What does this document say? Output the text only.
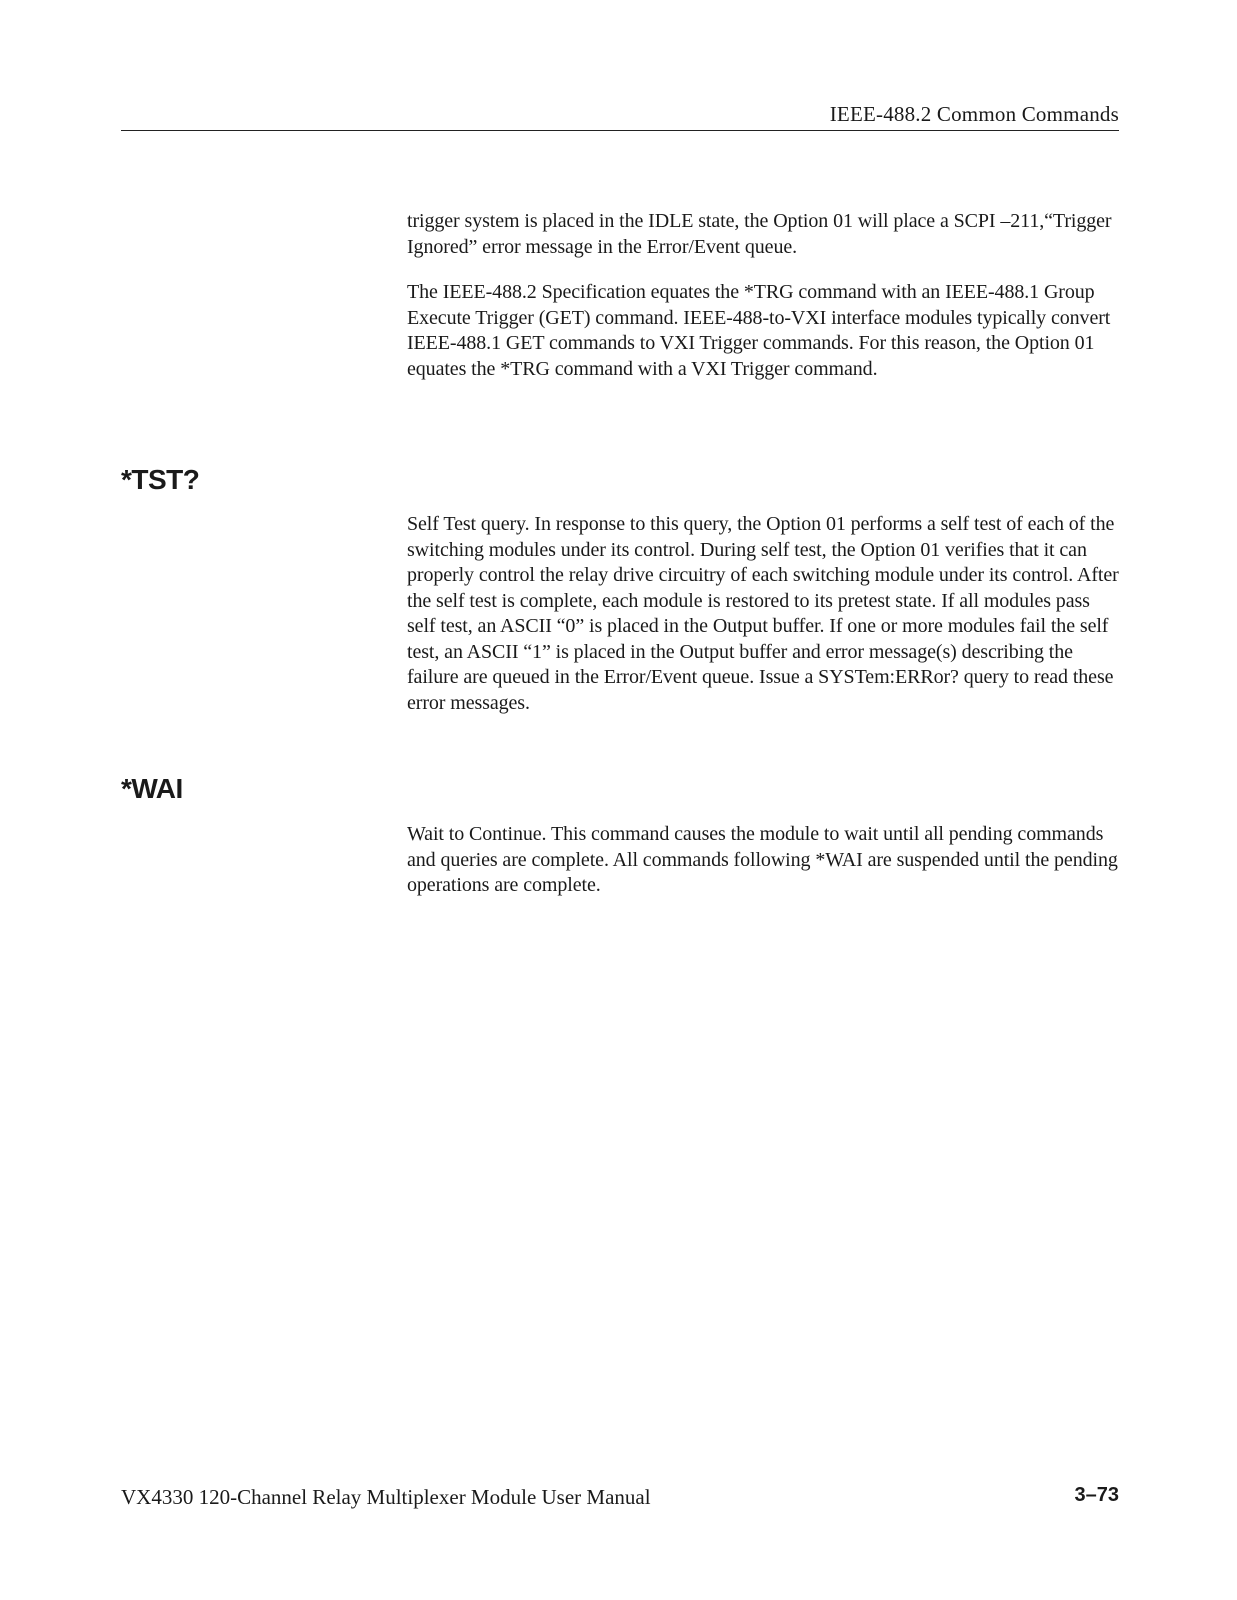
IEEE-488.2 Common Commands

trigger system is placed in the IDLE state, the Option 01 will place a SCPI –211,“Trigger Ignored” error message in the Error/Event queue.

The IEEE-488.2 Specification equates the *TRG command with an IEEE-488.1 Group Execute Trigger (GET) command. IEEE-488-to-VXI interface modules typically convert IEEE-488.1 GET commands to VXI Trigger commands. For this reason, the Option 01 equates the *TRG command with a VXI Trigger command.

*TST?

Self Test query. In response to this query, the Option 01 performs a self test of each of the switching modules under its control. During self test, the Option 01 verifies that it can properly control the relay drive circuitry of each switching module under its control. After the self test is complete, each module is restored to its pretest state. If all modules pass self test, an ASCII “0” is placed in the Output buffer. If one or more modules fail the self test, an ASCII “1” is placed in the Output buffer and error message(s) describing the failure are queued in the Error/Event queue. Issue a SYSTem:ERRor? query to read these error messages.

*WAI

Wait to Continue. This command causes the module to wait until all pending commands and queries are complete. All commands following *WAI are suspended until the pending operations are complete.

VX4330 120-Channel Relay Multiplexer Module User Manual	3–73
